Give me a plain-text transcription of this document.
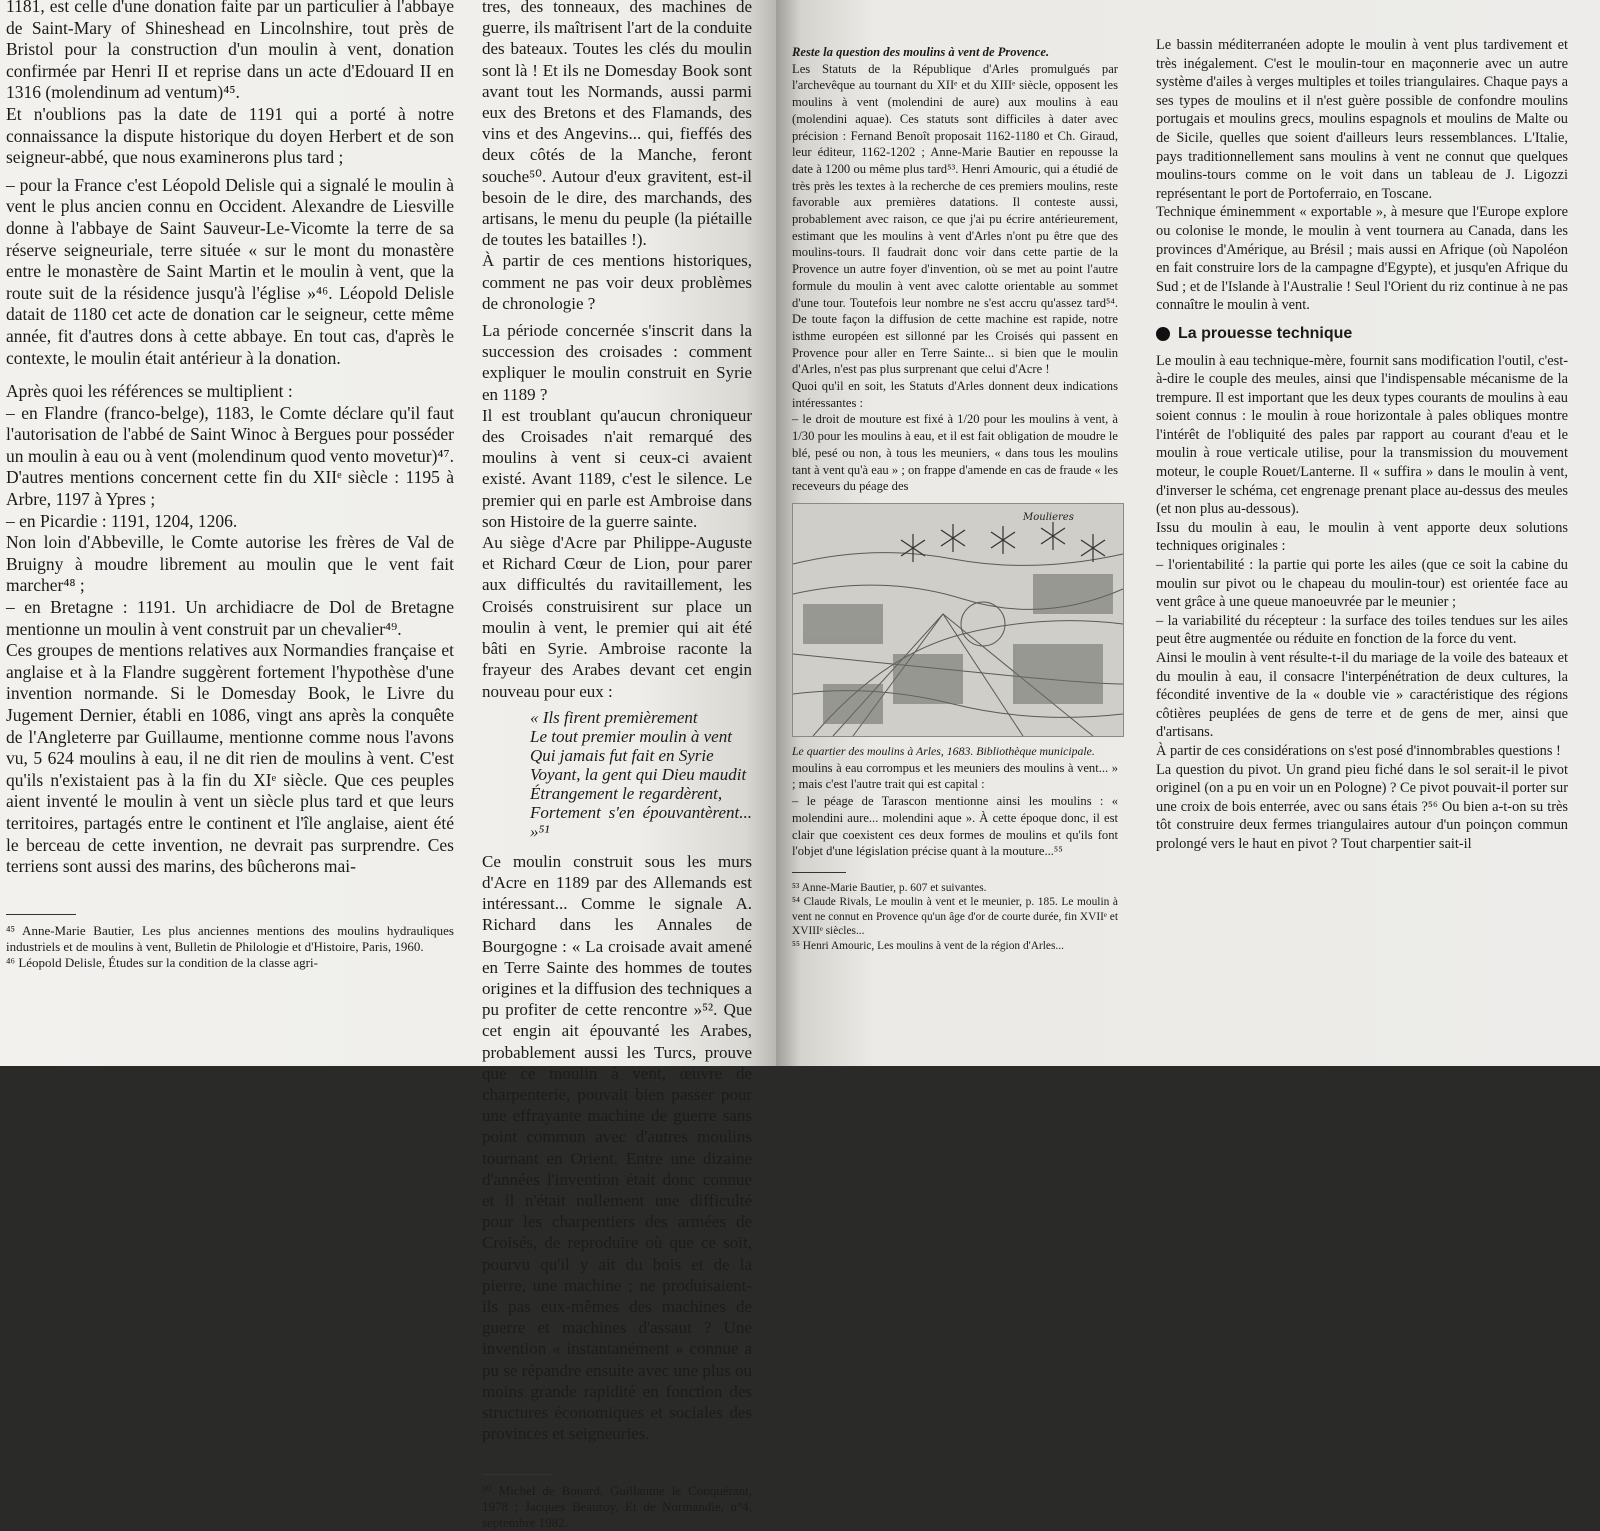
1181, est celle d'une donation faite par un particulier à l'abbaye de Saint-Mary of Shineshead en Lincolnshire, tout près de Bristol pour la construction d'un moulin à vent, donation confirmée par Henri II et reprise dans un acte d'Edouard II en 1316 (molendinum ad ventum)⁴⁵.

Et n'oublions pas la date de 1191 qui a porté à notre connaissance la dispute historique du doyen Herbert et de son seigneur-abbé, que nous examinerons plus tard ;

– pour la France c'est Léopold Delisle qui a signalé le moulin à vent le plus ancien connu en Occident. Alexandre de Liesville donne à l'abbaye de Saint Sauveur-Le-Vicomte la terre de sa réserve seigneuriale, terre située « sur le mont du monastère entre le monastère de Saint Martin et le moulin à vent, que la route suit de la résidence jusqu'à l'église »⁴⁶. Léopold Delisle datait de 1180 cet acte de donation car le seigneur, cette même année, fit d'autres dons à cette abbaye. En tout cas, d'après le contexte, le moulin était antérieur à la donation.

Après quoi les références se multiplient :

– en Flandre (franco-belge), 1183, le Comte déclare qu'il faut l'autorisation de l'abbé de Saint Winoc à Bergues pour posséder un moulin à eau ou à vent (molendinum quod vento movetur)⁴⁷. D'autres mentions concernent cette fin du XIIᵉ siècle : 1195 à Arbre, 1197 à Ypres ;

– en Picardie : 1191, 1204, 1206.

Non loin d'Abbeville, le Comte autorise les frères de Val de Bruigny à moudre librement au moulin que le vent fait marcher⁴⁸ ;

– en Bretagne : 1191. Un archidiacre de Dol de Bretagne mentionne un moulin à vent construit par un chevalier⁴⁹.

Ces groupes de mentions relatives aux Normandies française et anglaise et à la Flandre suggèrent fortement l'hypothèse d'une invention normande. Si le Domesday Book, le Livre du Jugement Dernier, établi en 1086, vingt ans après la conquête de l'Angleterre par Guillaume, mentionne comme nous l'avons vu, 5 624 moulins à eau, il ne dit rien de moulins à vent. C'est qu'ils n'existaient pas à la fin du XIᵉ siècle. Que ces peuples aient inventé le moulin à vent un siècle plus tard et que leurs territoires, partagés entre le continent et l'île anglaise, aient été le berceau de cette invention, ne devrait pas surprendre. Ces terriens sont aussi des marins, des bûcherons mai-

⁴⁵ Anne-Marie Bautier, Les plus anciennes mentions des moulins hydrauliques industriels et de moulins à vent, Bulletin de Philologie et d'Histoire, Paris, 1960.

⁴⁶ Léopold Delisle, Études sur la condition de la classe agri-

tres, des tonneaux, des machines de guerre, ils maîtrisent l'art de la conduite des bateaux. Toutes les clés du moulin sont là ! Et ils ne Domesday Book sont avant tout les Normands, aussi parmi eux des Bretons et des Flamands, des vins et des Angevins... qui, fieffés des deux côtés de la Manche, feront souche⁵⁰. Autour d'eux gravitent, est-il besoin de le dire, des marchands, des artisans, le menu du peuple (la piétaille de toutes les batailles !).

À partir de ces mentions historiques, comment ne pas voir deux problèmes de chronologie ?

La période concernée s'inscrit dans la succession des croisades : comment expliquer le moulin construit en Syrie en 1189 ?

Il est troublant qu'aucun chroniqueur des Croisades n'ait remarqué des moulins à vent si ceux-ci avaient existé. Avant 1189, c'est le silence. Le premier qui en parle est Ambroise dans son Histoire de la guerre sainte.

Au siège d'Acre par Philippe-Auguste et Richard Cœur de Lion, pour parer aux difficultés du ravitaillement, les Croisés construisirent sur place un moulin à vent, le premier qui ait été bâti en Syrie. Ambroise raconte la frayeur des Arabes devant cet engin nouveau pour eux :

« Ils firent premièrement

Le tout premier moulin à vent

Qui jamais fut fait en Syrie

Voyant, la gent qui Dieu maudit

Étrangement le regardèrent,

Fortement s'en épouvantèrent... »⁵¹

Ce moulin construit sous les murs d'Acre en 1189 par des Allemands est intéressant... Comme le signale A. Richard dans les Annales de Bourgogne : « La croisade avait amené en Terre Sainte des hommes de toutes origines et la diffusion des techniques a pu profiter de cette rencontre »⁵². Que cet engin ait épouvanté les Arabes, probablement aussi les Turcs, prouve que ce moulin à vent, œuvre de charpenterie, pouvait bien passer pour une effrayante machine de guerre sans point commun avec d'autres moulins tournant en Orient. Entre une dizaine d'années l'invention était donc connue et il n'était nullement une difficulté pour les charpentiers des armées de Croisés, de reproduire où que ce soit, pourvu qu'il y ait du bois et de la pierre, une machine ; ne produisaient-ils pas eux-mêmes des machines de guerre et machines d'assaut ? Une invention « instantanément » connue a pu se répandre ensuite avec une plus ou moins grande rapidité en fonction des structures économiques et sociales des provinces et seigneuries.

⁵⁰ Michel de Bouard, Guillaume le Conquérant, 1978 ; Jacques Beauroy, Et de Normandie, n°4, septembre 1982.

Reste la question des moulins à vent de Provence.

Les Statuts de la République d'Arles promulgués par l'archevêque au tournant du XIIᵉ et du XIIIᵉ siècle, opposent les moulins à vent (molendini de aure) aux moulins à eau (molendini aquae). Ces statuts sont difficiles à dater avec précision : Fernand Benoît proposait 1162-1180 et Ch. Giraud, leur éditeur, 1162-1202 ; Anne-Marie Bautier en repousse la date à 1200 ou même plus tard⁵³. Henri Amouric, qui a étudié de très près les textes à la recherche de ces premiers moulins, reste favorable aux premières datations. Il conteste aussi, probablement avec raison, ce que j'ai pu écrire antérieurement, estimant que les moulins à vent d'Arles n'ont pu être que des moulins-tours. Il faudrait donc voir dans cette partie de la Provence un autre foyer d'invention, où se met au point l'autre formule du moulin à vent avec calotte orientable au sommet d'une tour. Toutefois leur nombre ne s'est accru qu'assez tard⁵⁴. De toute façon la diffusion de cette machine est rapide, notre isthme européen est sillonné par les Croisés qui passent en Provence pour aller en Terre Sainte... si bien que le moulin d'Arles, n'est pas plus surprenant que celui d'Acre !

Quoi qu'il en soit, les Statuts d'Arles donnent deux indications intéressantes :

– le droit de mouture est fixé à 1/20 pour les moulins à vent, à 1/30 pour les moulins à eau, et il est fait obligation de moudre le blé, pesé ou non, à tous les meuniers, « dans tous les moulins tant à vent qu'à eau » ; on frappe d'amende en cas de fraude « les receveurs du péage des

Moulieres

Le quartier des moulins à Arles, 1683. Bibliothèque municipale.

moulins à eau corrompus et les meuniers des moulins à vent... » ; mais c'est l'autre trait qui est capital :

– le péage de Tarascon mentionne ainsi les moulins : « molendini aure... molendini aque ». À cette époque donc, il est clair que coexistent ces deux formes de moulins et qu'ils font l'objet d'une législation précise quant à la mouture...⁵⁵

⁵³ Anne-Marie Bautier, p. 607 et suivantes.

⁵⁴ Claude Rivals, Le moulin à vent et le meunier, p. 185. Le moulin à vent ne connut en Provence qu'un âge d'or de courte durée, fin XVIIᵉ et XVIIIᵉ siècles...

⁵⁵ Henri Amouric, Les moulins à vent de la région d'Arles...

Le bassin méditerranéen adopte le moulin à vent plus tardivement et très inégalement. C'est le moulin-tour en maçonnerie avec un autre système d'ailes à verges multiples et toiles triangulaires. Chaque pays a ses types de moulins et il n'est guère possible de confondre moulins portugais et moulins grecs, moulins espagnols et moulins de Malte ou de Sicile, quelles que soient d'ailleurs leurs ressemblances. L'Italie, pays traditionnellement sans moulins à vent ne connut que quelques moulins-tours comme on le voit dans un tableau de J. Ligozzi représentant le port de Portoferraio, en Toscane.

Technique éminemment « exportable », à mesure que l'Europe explore ou colonise le monde, le moulin à vent tournera au Canada, dans les provinces d'Amérique, au Brésil ; mais aussi en Afrique (où Napoléon en fait construire lors de la campagne d'Egypte), et jusqu'en Afrique du Sud ; et de l'Islande à l'Australie ! Seul l'Orient du riz continue à ne pas connaître le moulin à vent.

La prouesse technique

Le moulin à eau technique-mère, fournit sans modification l'outil, c'est-à-dire le couple des meules, ainsi que l'indispensable mécanisme de la trempure. Il est important que les deux types courants de moulins à eau soient connus : le moulin à roue horizontale à pales obliques montre l'intérêt de l'obliquité des pales par rapport au courant d'eau et le moulin à roue verticale utilise, pour la transmission du mouvement moteur, le couple Rouet/Lanterne. Il « suffira » dans le moulin à vent, d'inverser le schéma, cet engrenage prenant place au-dessus des meules (et non plus au-dessous).

Issu du moulin à eau, le moulin à vent apporte deux solutions techniques originales :

– l'orientabilité : la partie qui porte les ailes (que ce soit la cabine du moulin sur pivot ou le chapeau du moulin-tour) est orientée face au vent grâce à une queue manoeuvrée par le meunier ;

– la variabilité du récepteur : la surface des toiles tendues sur les ailes peut être augmentée ou réduite en fonction de la force du vent.

Ainsi le moulin à vent résulte-t-il du mariage de la voile des bateaux et du moulin à eau, il consacre l'interpénétration de deux cultures, la fécondité inventive de la « double vie » caractéristique des régions côtières peuplées de gens de terre et de gens de mer, ainsi que d'artisans.

À partir de ces considérations on s'est posé d'innombrables questions !

La question du pivot. Un grand pieu fiché dans le sol serait-il le pivot originel (on a pu en voir un en Pologne) ? Ce pivot pouvait-il porter sur une croix de bois enterrée, avec ou sans étais ?⁵⁶ Ou bien a-t-on su très tôt construire deux fermes triangulaires autour d'un poinçon commun prolongé vers le haut en pivot ? Tout charpentier sait-il
